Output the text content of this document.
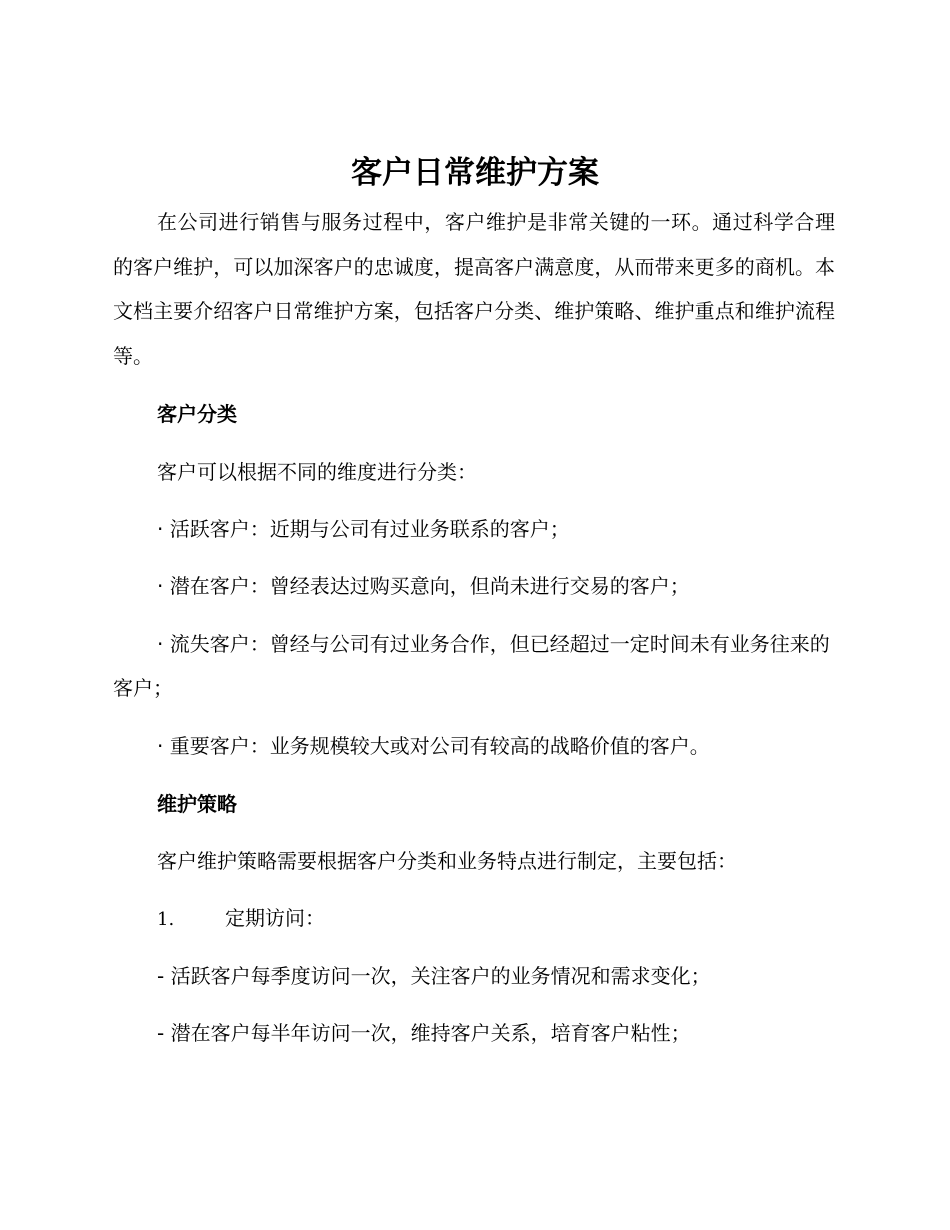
客户日常维护方案

在公司进行销售与服务过程中，客户维护是非常关键的一环。通过科学合理的客户维护，可以加深客户的忠诚度，提高客户满意度，从而带来更多的商机。本文档主要介绍客户日常维护方案，包括客户分类、维护策略、维护重点和维护流程等。

客户分类

客户可以根据不同的维度进行分类：

· 活跃客户：近期与公司有过业务联系的客户；

· 潜在客户：曾经表达过购买意向，但尚未进行交易的客户；

· 流失客户：曾经与公司有过业务合作，但已经超过一定时间未有业务往来的客户；

· 重要客户：业务规模较大或对公司有较高的战略价值的客户。

维护策略

客户维护策略需要根据客户分类和业务特点进行制定，主要包括：

1.	定期访问：

- 活跃客户每季度访问一次，关注客户的业务情况和需求变化；

- 潜在客户每半年访问一次，维持客户关系，培育客户粘性；
